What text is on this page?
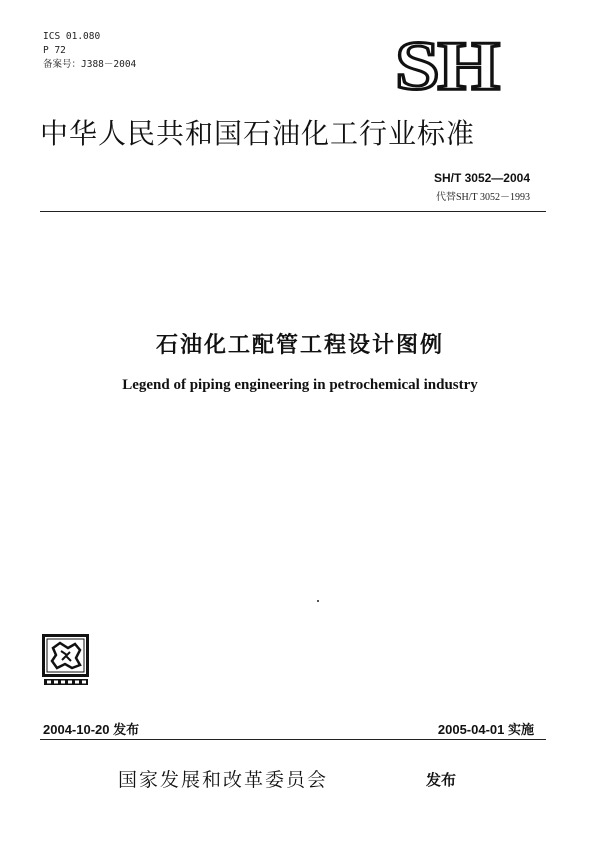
ICS 01.080
P 72
备案号：J388－2004	SH
中华人民共和国石油化工行业标准
SH/T 3052—2004
代替SH/T 3052－1993
石油化工配管工程设计图例
Legend of piping engineering in petrochemical industry
2004-10-20 发布	2005-04-01 实施
国家发展和改革委员会	发布
